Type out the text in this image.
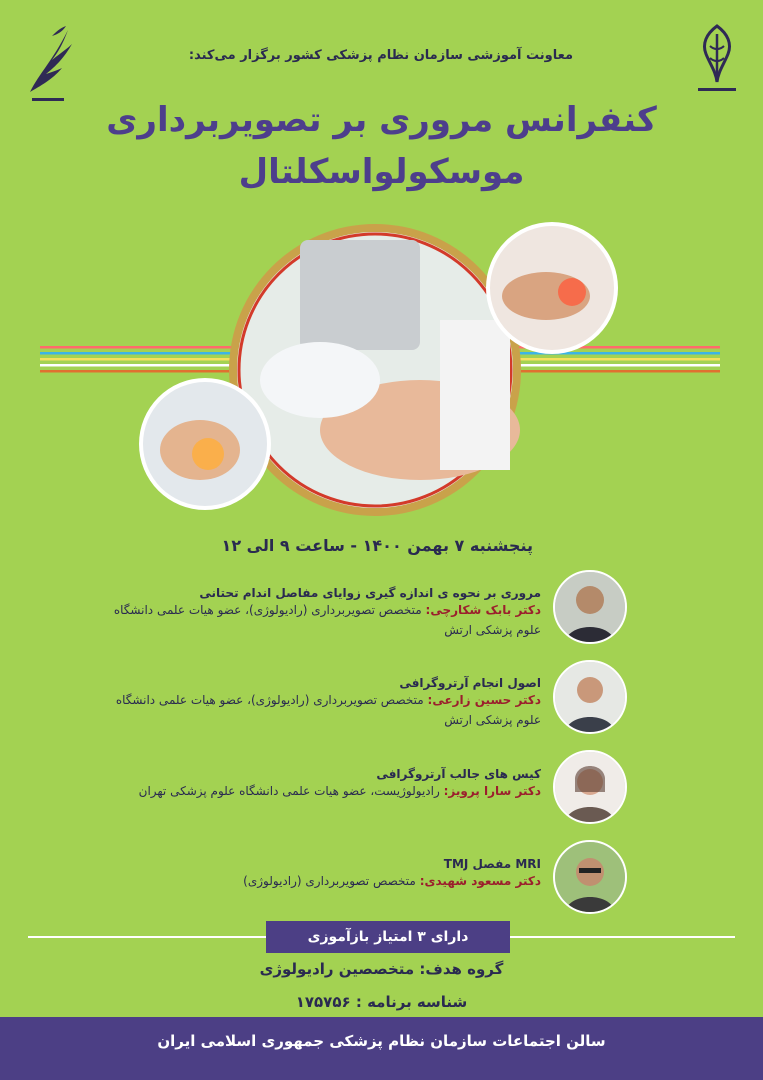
معاونت آموزشی سازمان نظام پزشکی کشور برگزار می‌کند:
کنفرانس مروری بر تصویربرداری
موسکولواسکلتال
پنجشنبه ۷ بهمن ۱۴۰۰ - ساعت ۹ الی ۱۲
مروری بر نحوه ی اندازه گیری زوایای مفاصل اندام تحتانی
دکتر بابک شکارچی: متخصص تصویربرداری (رادیولوژی)، عضو هیات علمی دانشگاه علوم پزشکی ارتش
اصول انجام آرتروگرافی
دکتر حسین زارعی: متخصص تصویربرداری (رادیولوژی)، عضو هیات علمی دانشگاه علوم پزشکی ارتش
کیس های جالب آرتروگرافی
دکتر سارا پرویز: رادیولوژیست، عضو هیات علمی دانشگاه علوم پزشکی تهران
MRI مفصل TMJ
دکتر مسعود شهیدی: متخصص تصویربرداری (رادیولوژی)
دارای ۳ امتیاز بازآموزی
گروه هدف: متخصصین رادیولوژی
شناسه برنامه : ۱۷۵۷۵۶
سالن اجتماعات سازمان نظام پزشکی جمهوری اسلامی ایران
